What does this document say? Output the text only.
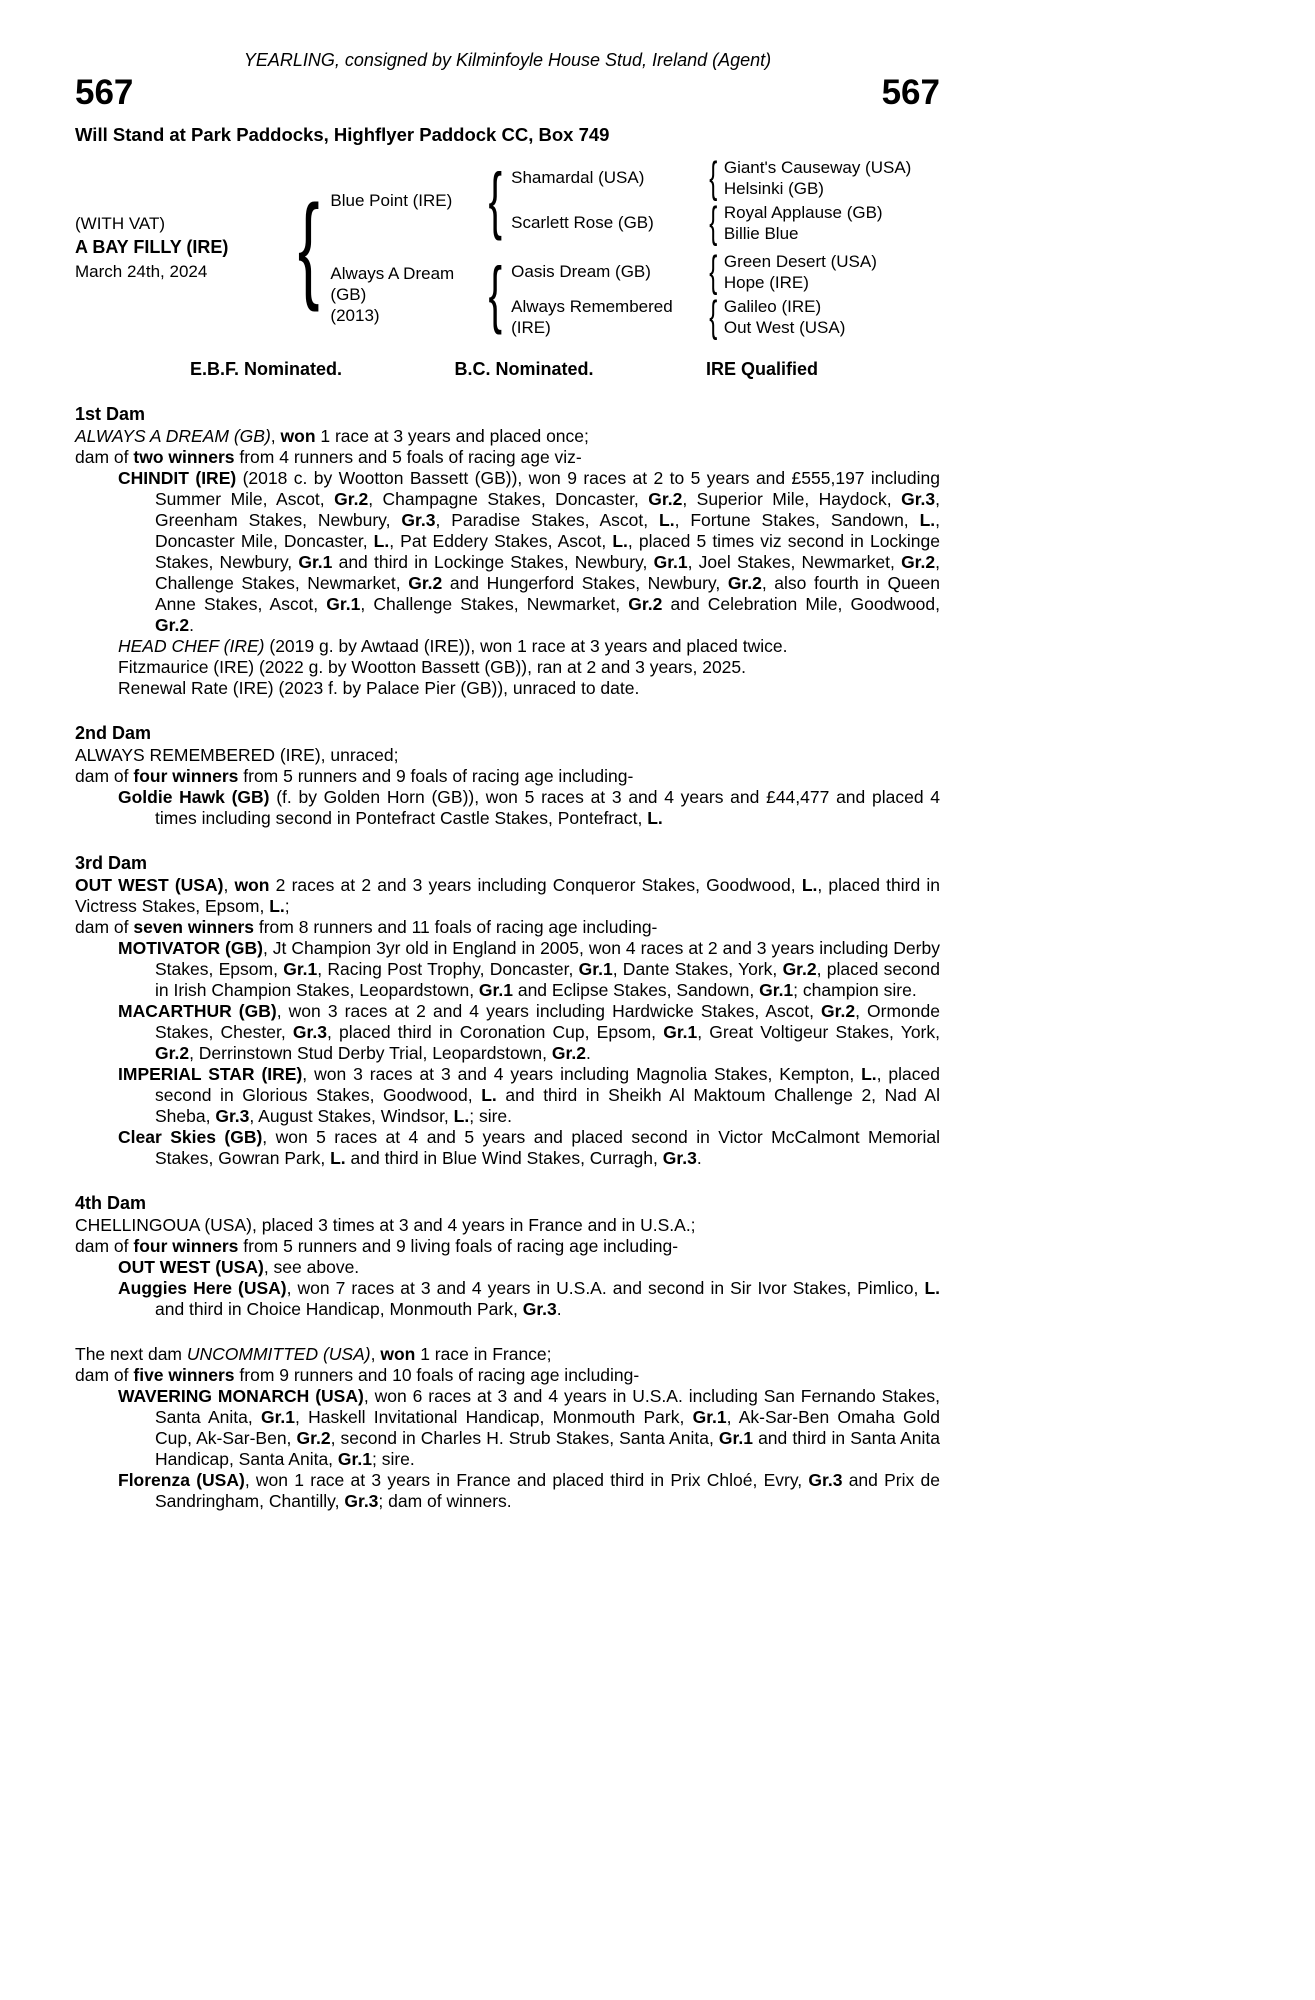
YEARLING, consigned by Kilminfoyle House Stud, Ireland (Agent)
567	567
Will Stand at Park Paddocks, Highflyer Paddock CC, Box 749
(WITH VAT)
A BAY FILLY (IRE)
March 24th, 2024 { Blue Point (IRE) { Shamardal (USA)	{ Giant's Causeway (USA)
Helsinki (GB)
Scarlett Rose (GB)	{ Royal Applause (GB)
Billie Blue
Always A Dream (GB)
(2013)	{ Oasis Dream (GB)	{ Green Desert (USA)
Hope (IRE)
Always Remembered (IRE)	{ Galileo (IRE)
Out West (USA)
E.B.F. Nominated.	B.C. Nominated.	IRE Qualified
1st Dam

ALWAYS A DREAM (GB), won 1 race at 3 years and placed once;

dam of two winners from 4 runners and 5 foals of racing age viz-

CHINDIT (IRE) (2018 c. by Wootton Bassett (GB)), won 9 races at 2 to 5 years and £555,197 including Summer Mile, Ascot, Gr.2, Champagne Stakes, Doncaster, Gr.2, Superior Mile, Haydock, Gr.3, Greenham Stakes, Newbury, Gr.3, Paradise Stakes, Ascot, L., Fortune Stakes, Sandown, L., Doncaster Mile, Doncaster, L., Pat Eddery Stakes, Ascot, L., placed 5 times viz second in Lockinge Stakes, Newbury, Gr.1 and third in Lockinge Stakes, Newbury, Gr.1, Joel Stakes, Newmarket, Gr.2, Challenge Stakes, Newmarket, Gr.2 and Hungerford Stakes, Newbury, Gr.2, also fourth in Queen Anne Stakes, Ascot, Gr.1, Challenge Stakes, Newmarket, Gr.2 and Celebration Mile, Goodwood, Gr.2.

HEAD CHEF (IRE) (2019 g. by Awtaad (IRE)), won 1 race at 3 years and placed twice.

Fitzmaurice (IRE) (2022 g. by Wootton Bassett (GB)), ran at 2 and 3 years, 2025.

Renewal Rate (IRE) (2023 f. by Palace Pier (GB)), unraced to date.

2nd Dam

ALWAYS REMEMBERED (IRE), unraced;

dam of four winners from 5 runners and 9 foals of racing age including-

Goldie Hawk (GB) (f. by Golden Horn (GB)), won 5 races at 3 and 4 years and £44,477 and placed 4 times including second in Pontefract Castle Stakes, Pontefract, L.

3rd Dam

OUT WEST (USA), won 2 races at 2 and 3 years including Conqueror Stakes, Goodwood, L., placed third in Victress Stakes, Epsom, L.;

dam of seven winners from 8 runners and 11 foals of racing age including-

MOTIVATOR (GB), Jt Champion 3yr old in England in 2005, won 4 races at 2 and 3 years including Derby Stakes, Epsom, Gr.1, Racing Post Trophy, Doncaster, Gr.1, Dante Stakes, York, Gr.2, placed second in Irish Champion Stakes, Leopardstown, Gr.1 and Eclipse Stakes, Sandown, Gr.1; champion sire.

MACARTHUR (GB), won 3 races at 2 and 4 years including Hardwicke Stakes, Ascot, Gr.2, Ormonde Stakes, Chester, Gr.3, placed third in Coronation Cup, Epsom, Gr.1, Great Voltigeur Stakes, York, Gr.2, Derrinstown Stud Derby Trial, Leopardstown, Gr.2.

IMPERIAL STAR (IRE), won 3 races at 3 and 4 years including Magnolia Stakes, Kempton, L., placed second in Glorious Stakes, Goodwood, L. and third in Sheikh Al Maktoum Challenge 2, Nad Al Sheba, Gr.3, August Stakes, Windsor, L.; sire.

Clear Skies (GB), won 5 races at 4 and 5 years and placed second in Victor McCalmont Memorial Stakes, Gowran Park, L. and third in Blue Wind Stakes, Curragh, Gr.3.

4th Dam

CHELLINGOUA (USA), placed 3 times at 3 and 4 years in France and in U.S.A.;

dam of four winners from 5 runners and 9 living foals of racing age including-

OUT WEST (USA), see above.

Auggies Here (USA), won 7 races at 3 and 4 years in U.S.A. and second in Sir Ivor Stakes, Pimlico, L. and third in Choice Handicap, Monmouth Park, Gr.3.

The next dam UNCOMMITTED (USA), won 1 race in France;

dam of five winners from 9 runners and 10 foals of racing age including-

WAVERING MONARCH (USA), won 6 races at 3 and 4 years in U.S.A. including San Fernando Stakes, Santa Anita, Gr.1, Haskell Invitational Handicap, Monmouth Park, Gr.1, Ak-Sar-Ben Omaha Gold Cup, Ak-Sar-Ben, Gr.2, second in Charles H. Strub Stakes, Santa Anita, Gr.1 and third in Santa Anita Handicap, Santa Anita, Gr.1; sire.

Florenza (USA), won 1 race at 3 years in France and placed third in Prix Chloé, Evry, Gr.3 and Prix de Sandringham, Chantilly, Gr.3; dam of winners.
